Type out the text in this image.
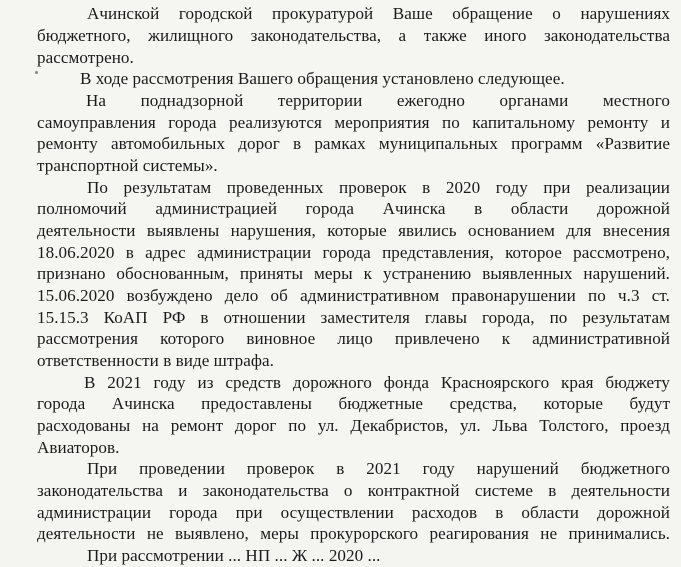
Ачинской городской прокуратурой Ваше обращение о нарушениях
бюджетного, жилищного законодательства, а также иного законодательства
рассмотрено.
В ходе рассмотрения Вашего обращения установлено следующее.
На поднадзорной территории ежегодно органами местного
самоуправления города реализуются мероприятия по капитальному ремонту и
ремонту автомобильных дорог в рамках муниципальных программ «Развитие
транспортной системы».
По результатам проведенных проверок в 2020 году при реализации
полномочий администрацией города Ачинска в области дорожной
деятельности выявлены нарушения, которые явились основанием для внесения
18.06.2020 в адрес администрации города представления, которое рассмотрено,
признано обоснованным, приняты меры к устранению выявленных нарушений.
15.06.2020 возбуждено дело об административном правонарушении по ч.3 ст.
15.15.3 КоАП РФ в отношении заместителя главы города, по результатам
рассмотрения которого виновное лицо привлечено к административной
ответственности в виде штрафа.
В 2021 году из средств дорожного фонда Красноярского края бюджету
города Ачинска предоставлены бюджетные средства, которые будут
расходованы на ремонт дорог по ул. Декабристов, ул. Льва Толстого, проезд
Авиаторов.
При проведении проверок в 2021 году нарушений бюджетного
законодательства и законодательства о контрактной системе в деятельности
администрации города при осуществлении расходов в области дорожной
деятельности не выявлено, меры прокурорского реагирования не принимались.
При рассмотрении ... НП ... Ж ... 2020 ...
